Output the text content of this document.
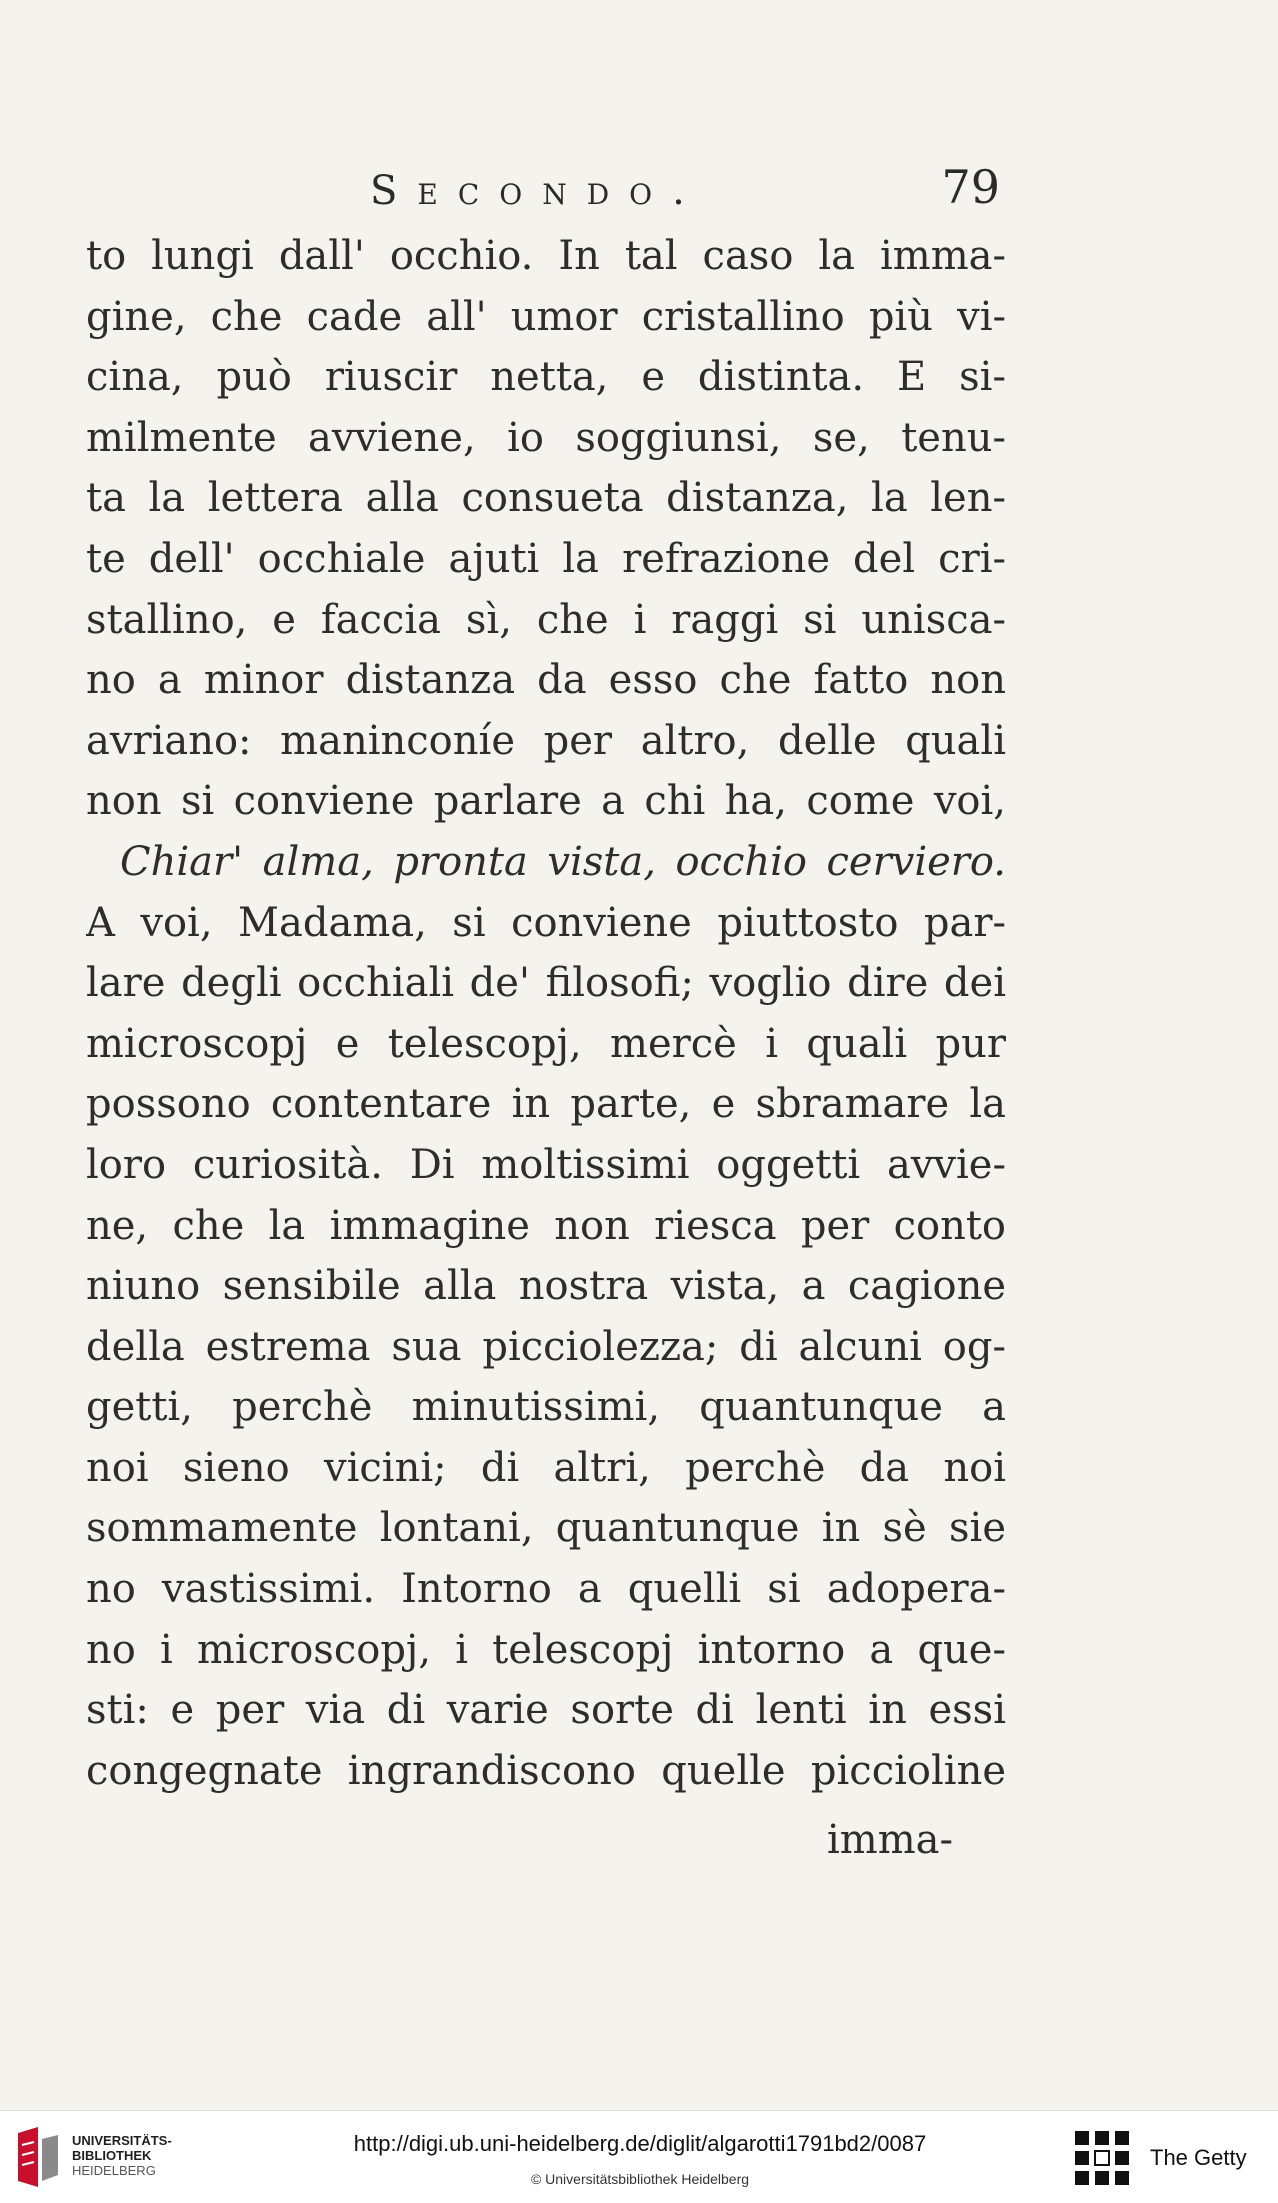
Secondo.	79
to lungi dall' occhio. In tal caso la imma-
gine, che cade all' umor cristallino più vi-
cina, può riuscir netta, e distinta. E si-
milmente avviene, io soggiunsi, se, tenu-
ta la lettera alla consueta distanza, la len-
te dell' occhiale ajuti la refrazione del cri-
stallino, e faccia sì, che i raggi si unisca-
no a minor distanza da esso che fatto non
avriano: maninconíe per altro, delle quali
non si conviene parlare a chi ha, come voi,
Chiar' alma, pronta vista, occhio cerviero.
A voi, Madama, si conviene piuttosto par-
lare degli occhiali de' filosofi; voglio dire dei
microscopj e telescopj, mercè i quali pur
possono contentare in parte, e sbramare la
loro curiosità. Di moltissimi oggetti avvie-
ne, che la immagine non riesca per conto
niuno sensibile alla nostra vista, a cagione
della estrema sua picciolezza; di alcuni og-
getti, perchè minutissimi, quantunque a
noi sieno vicini; di altri, perchè da noi
sommamente lontani, quantunque in sè sie
no vastissimi. Intorno a quelli si adopera-
no i microscopj, i telescopj intorno a que-
sti: e per via di varie sorte di lenti in essi
congegnate ingrandiscono quelle piccioline
imma-
UNIVERSITÄTS-
BIBLIOTHEK
HEIDELBERG
http://digi.ub.uni-heidelberg.de/diglit/algarotti1791bd2/0087
© Universitätsbibliothek Heidelberg
The Getty
